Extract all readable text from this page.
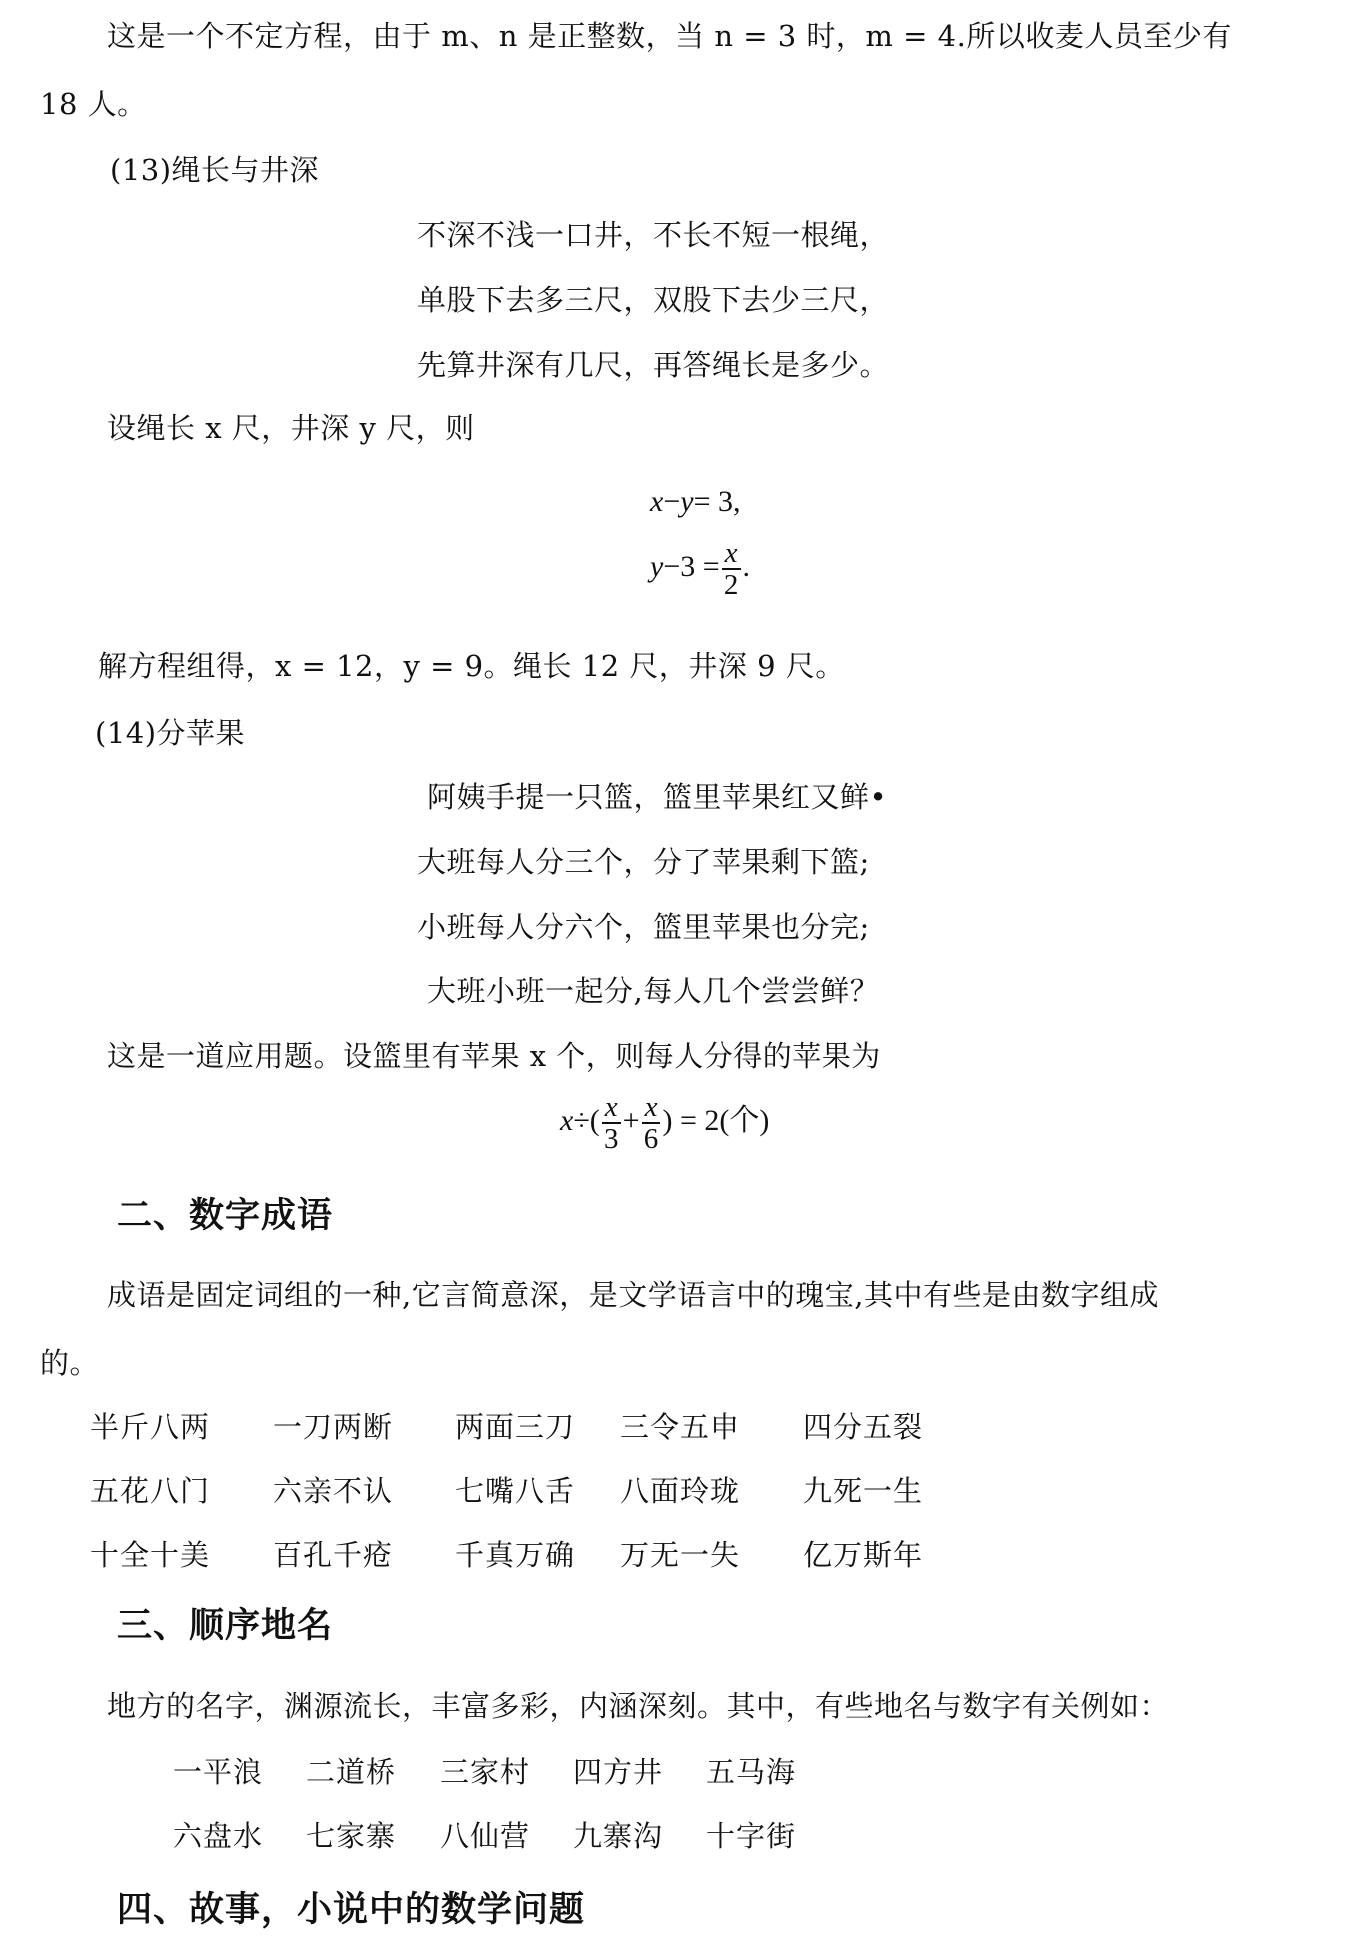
这是一个不定方程，由于 m、n 是正整数，当 n = 3 时，m = 4.所以收麦人员至少有
18 人。
(13)绳长与井深
不深不浅一口井，不长不短一根绳，
单股下去多三尺，双股下去少三尺，
先算井深有几尺，再答绳长是多少。
设绳长 x 尺，井深 y 尺，则
x−y= 3,
$y-3 = \frac{x}{2}$ .
解方程组得，x = 12，y = 9。绳长 12 尺，井深 9 尺。
(14)分苹果
阿姨手提一只篮，篮里苹果红又鲜•
大班每人分三个，分了苹果剩下篮;
小班每人分六个，篮里苹果也分完;
大班小班一起分,每人几个尝尝鲜？
这是一道应用题。设篮里有苹果 x 个，则每人分得的苹果为
$x\div( \frac{x}{3} + \frac{x}{6}$ ) = 2(个)
二、数字成语
成语是固定词组的一种,它言简意深，是文学语言中的瑰宝,其中有些是由数字组成
的。
半斤八两 一刀两断 两面三刀 三令五申 四分五裂
五花八门 六亲不认 七嘴八舌 八面玲珑 九死一生
十全十美 百孔千疮 千真万确 万无一失 亿万斯年
三、顺序地名
地方的名字，渊源流长，丰富多彩，内涵深刻。其中，有些地名与数字有关例如：
一平浪 二道桥 三家村 四方井 五马海
六盘水 七家寨 八仙营 九寨沟 十字街
四、故事，小说中的数学问题
